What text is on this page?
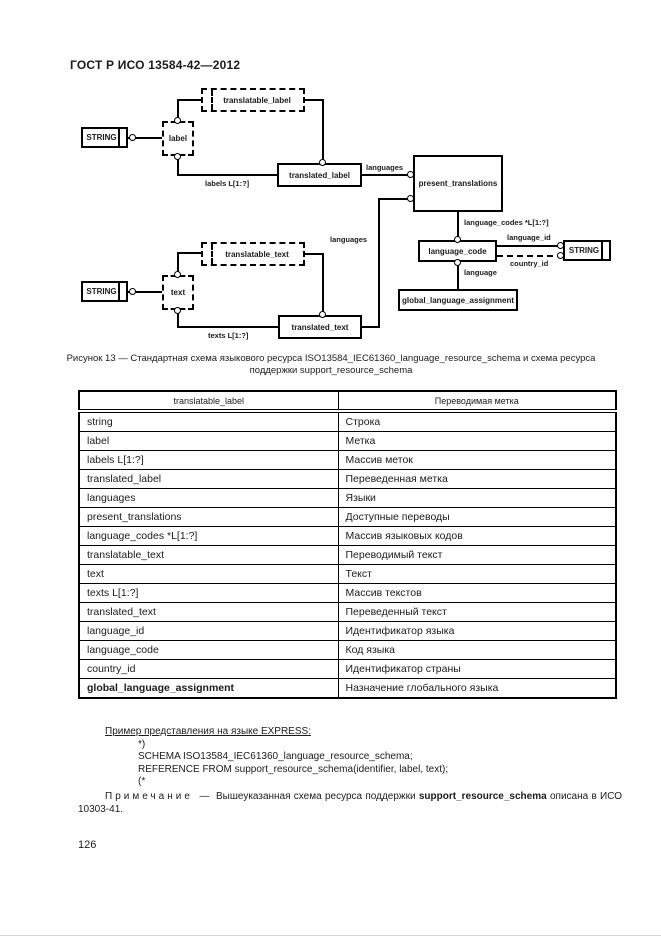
ГОСТ Р ИСО 13584-42—2012
translatable_label
STRING	label
translated_label
present_translations
language_code	STRING
global_language_assignment
translatable_text
STRING	text
translated_text
labels L[1:?]
languages
language_codes *L[1:?]
language_id
country_id
language
languages
texts L[1:?]
Рисунок 13 — Стандартная схема языкового ресурса ISO13584_IEC61360_language_resource_schema и схема ресурса поддержки support_resource_schema
translatable_label	Переводимая метка
string	Строка
label	Метка
labels L[1:?]	Массив меток
translated_label	Переведенная метка
languages	Языки
present_translations	Доступные переводы
language_codes *L[1:?]	Массив языковых кодов
translatable_text	Переводимый текст
text	Текст
texts L[1:?]	Массив текстов
translated_text	Переведенный текст
language_id	Идентификатор языка
language_code	Код языка
country_id	Идентификатор страны
global_language_assignment	Назначение глобального языка
Пример представления на языке EXPRESS:
*)
SCHEMA ISO13584_IEC61360_language_resource_schema;
REFERENCE FROM support_resource_schema(identifier, label, text);
(*
Примечание — Вышеуказанная схема ресурса поддержки support_resource_schema описана в ИСО 10303-41.
126
